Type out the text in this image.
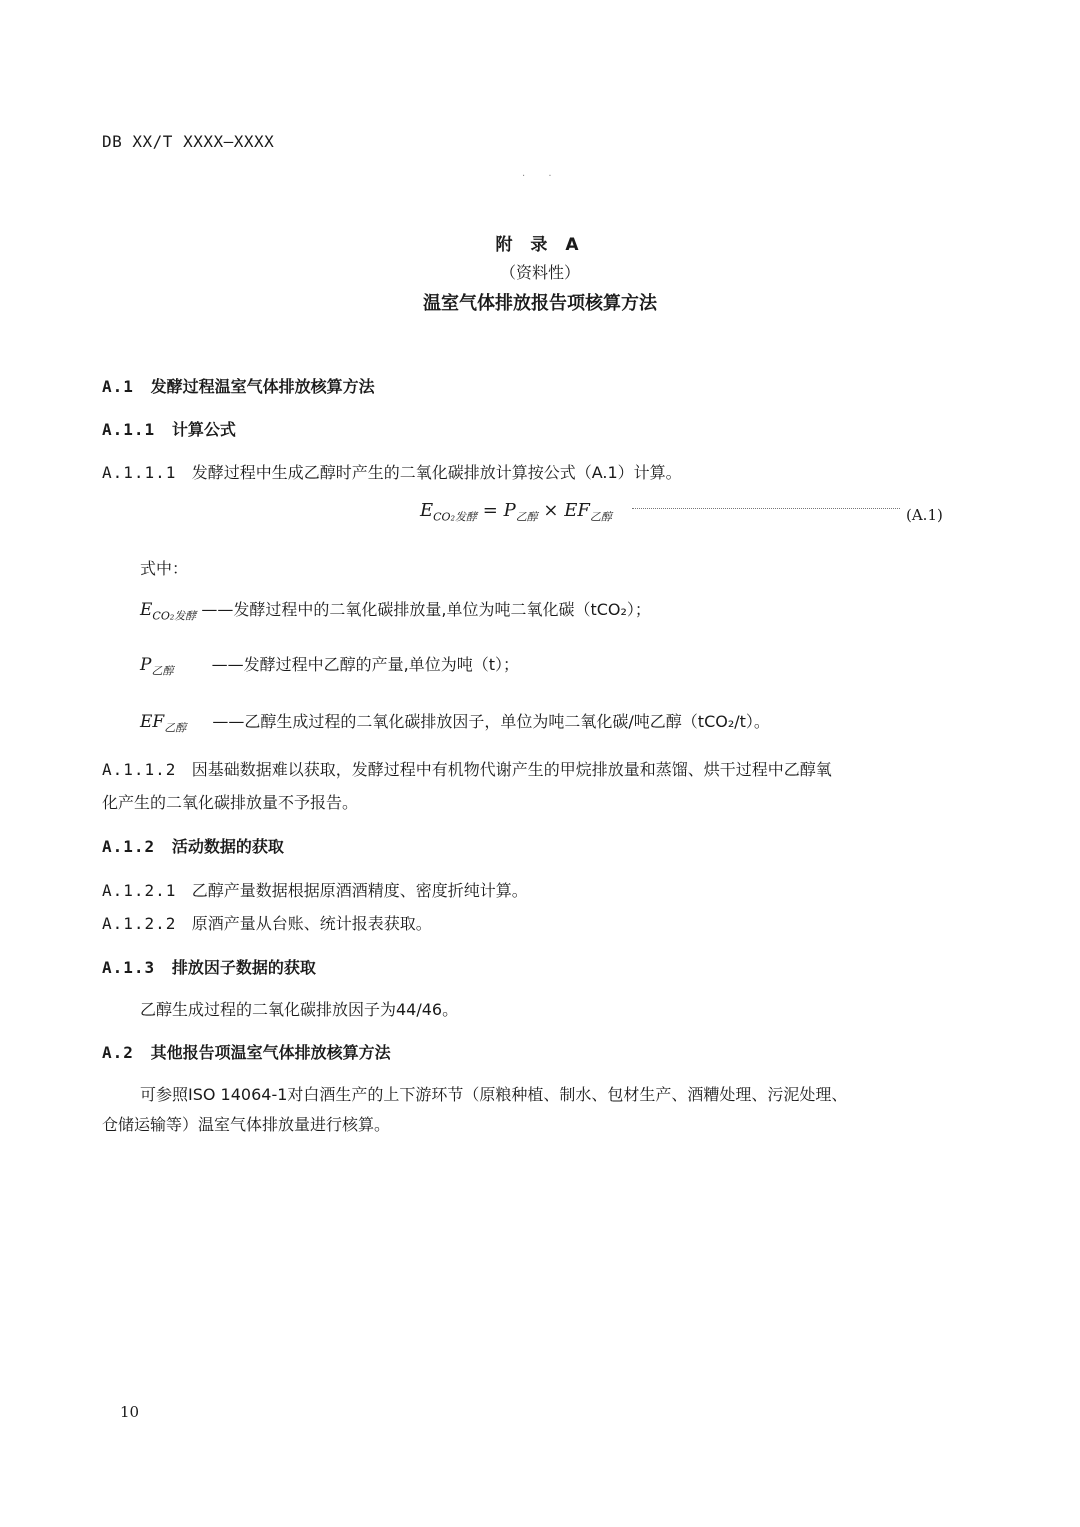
DB XX/T XXXX—XXXX
. .
附 录 A
（资料性）
温室气体排放报告项核算方法
A.1 发酵过程温室气体排放核算方法
A.1.1 计算公式
A.1.1.1 发酵过程中生成乙醇时产生的二氧化碳排放计算按公式（A.1）计算。
$E_{CO_2发酵} = P_{乙醇} \times EF_{乙醇}$	(A.1)
式中：
$E_{CO_2发酵}$ ——发酵过程中的二氧化碳排放量,单位为吨二氧化碳（tCO₂）；
$P_{乙醇}$ ——发酵过程中乙醇的产量,单位为吨（t）；
$EF_{乙醇}$ ——乙醇生成过程的二氧化碳排放因子，单位为吨二氧化碳/吨乙醇（tCO₂/t）。
A.1.1.2 因基础数据难以获取，发酵过程中有机物代谢产生的甲烷排放量和蒸馏、烘干过程中乙醇氧
化产生的二氧化碳排放量不予报告。
A.1.2 活动数据的获取
A.1.2.1 乙醇产量数据根据原酒酒精度、密度折纯计算。
A.1.2.2 原酒产量从台账、统计报表获取。
A.1.3 排放因子数据的获取
乙醇生成过程的二氧化碳排放因子为44/46。
A.2 其他报告项温室气体排放核算方法
可参照ISO 14064-1对白酒生产的上下游环节（原粮种植、制水、包材生产、酒糟处理、污泥处理、
仓储运输等）温室气体排放量进行核算。
10
